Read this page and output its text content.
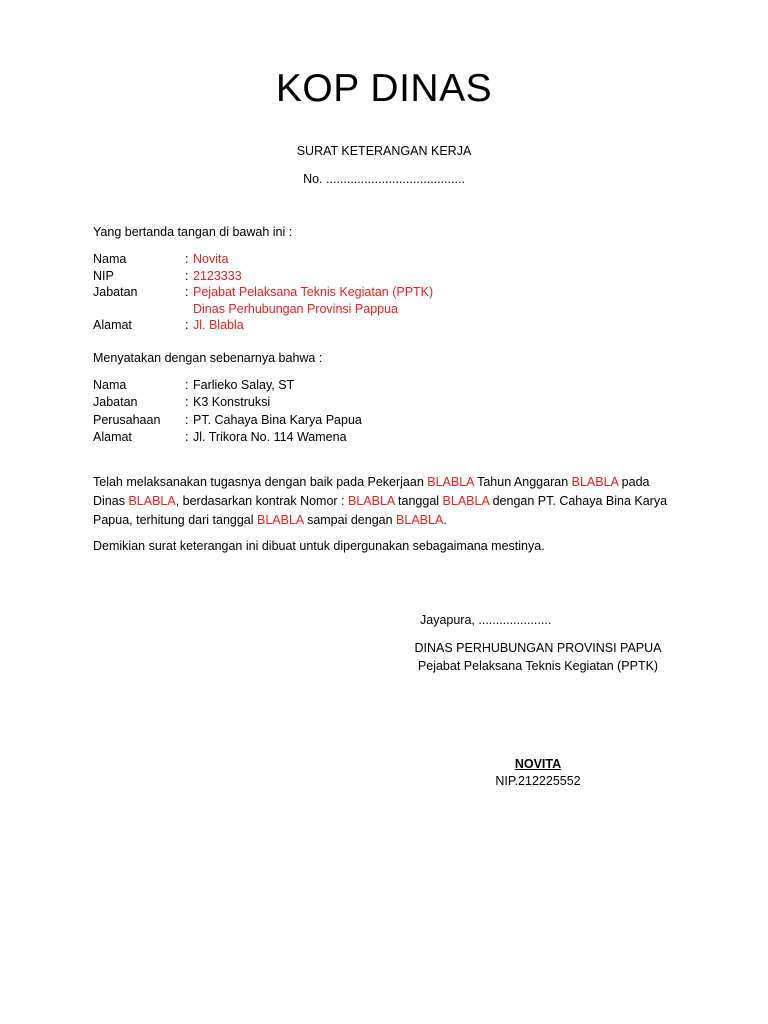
KOP DINAS
SURAT KETERANGAN KERJA
No. ........................................
Yang bertanda tangan di bawah ini :
Nama	: Novita
NIP	: 2123333
Jabatan	: Pejabat Pelaksana Teknis Kegiatan (PPTK)
Dinas Perhubungan Provinsi Pappua
Alamat	: Jl. Blabla
Menyatakan dengan sebenarnya bahwa :
Nama	: Farlieko Salay, ST
Jabatan	: K3 Konstruksi
Perusahaan : PT. Cahaya Bina Karya Papua
Alamat	: Jl. Trikora No. 114 Wamena
Telah melaksanakan tugasnya dengan baik pada Pekerjaan BLABLA Tahun Anggaran BLABLA pada
Dinas BLABLA, berdasarkan kontrak Nomor : BLABLA tanggal BLABLA dengan PT. Cahaya Bina Karya
Papua, terhitung dari tanggal BLABLA sampai dengan BLABLA.
Demikian surat keterangan ini dibuat untuk dipergunakan sebagaimana mestinya.
Jayapura, .....................
DINAS PERHUBUNGAN PROVINSI PAPUA
Pejabat Pelaksana Teknis Kegiatan (PPTK)
NOVITA
NIP.212225552
